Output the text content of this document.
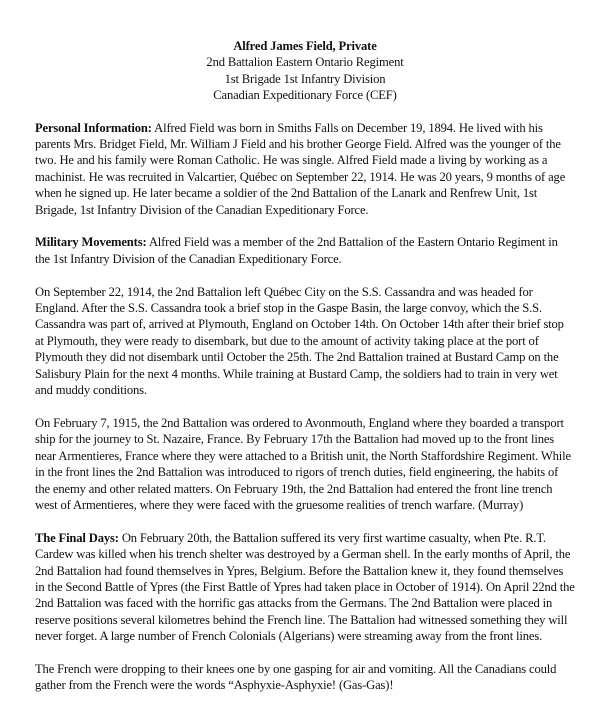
Alfred James Field, Private
2nd Battalion Eastern Ontario Regiment
1st Brigade 1st Infantry Division
Canadian Expeditionary Force (CEF)

Personal Information: Alfred Field was born in Smiths Falls on December 19, 1894. He lived with his parents Mrs. Bridget Field, Mr. William J Field and his brother George Field. Alfred was the younger of the two. He and his family were Roman Catholic. He was single. Alfred Field made a living by working as a machinist. He was recruited in Valcartier, Québec on September 22, 1914. He was 20 years, 9 months of age when he signed up. He later became a soldier of the 2nd Battalion of the Lanark and Renfrew Unit, 1st Brigade, 1st Infantry Division of the Canadian Expeditionary Force.

Military Movements: Alfred Field was a member of the 2nd Battalion of the Eastern Ontario Regiment in the 1st Infantry Division of the Canadian Expeditionary Force.

On September 22, 1914, the 2nd Battalion left Québec City on the S.S. Cassandra and was headed for England. After the S.S. Cassandra took a brief stop in the Gaspe Basin, the large convoy, which the S.S. Cassandra was part of, arrived at Plymouth, England on October 14th. On October 14th after their brief stop at Plymouth, they were ready to disembark, but due to the amount of activity taking place at the port of Plymouth they did not disembark until October the 25th. The 2nd Battalion trained at Bustard Camp on the Salisbury Plain for the next 4 months. While training at Bustard Camp, the soldiers had to train in very wet and muddy conditions.

On February 7, 1915, the 2nd Battalion was ordered to Avonmouth, England where they boarded a transport ship for the journey to St. Nazaire, France. By February 17th the Battalion had moved up to the front lines near Armentieres, France where they were attached to a British unit, the North Staffordshire Regiment. While in the front lines the 2nd Battalion was introduced to rigors of trench duties, field engineering, the habits of the enemy and other related matters. On February 19th, the 2nd Battalion had entered the front line trench west of Armentieres, where they were faced with the gruesome realities of trench warfare. (Murray)

The Final Days: On February 20th, the Battalion suffered its very first wartime casualty, when Pte. R.T. Cardew was killed when his trench shelter was destroyed by a German shell. In the early months of April, the 2nd Battalion had found themselves in Ypres, Belgium. Before the Battalion knew it, they found themselves in the Second Battle of Ypres (the First Battle of Ypres had taken place in October of 1914). On April 22nd the 2nd Battalion was faced with the horrific gas attacks from the Germans. The 2nd Battalion were placed in reserve positions several kilometres behind the French line. The Battalion had witnessed something they will never forget. A large number of French Colonials (Algerians) were streaming away from the front lines.

The French were dropping to their knees one by one gasping for air and vomiting. All the Canadians could gather from the French were the words “Asphyxie-Asphyxie! (Gas-Gas)!
